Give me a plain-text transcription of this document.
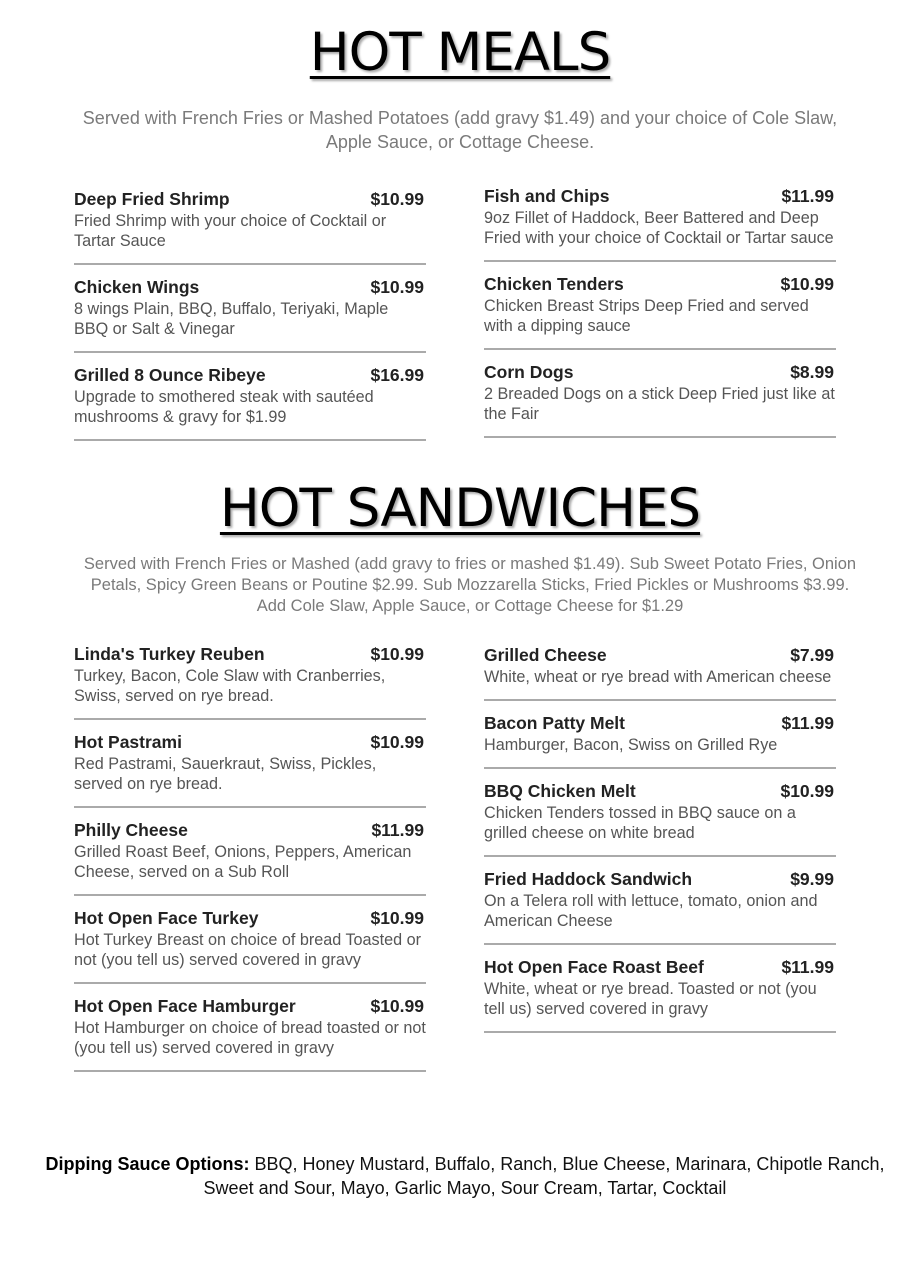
HOT MEALS

Served with French Fries or Mashed Potatoes (add gravy $1.49) and your choice of Cole Slaw, Apple Sauce, or Cottage Cheese.

Deep Fried Shrimp	$10.99
Fried Shrimp with your choice of Cocktail or Tartar Sauce
Chicken Wings	$10.99
8 wings Plain, BBQ, Buffalo, Teriyaki, Maple BBQ or Salt & Vinegar
Grilled 8 Ounce Ribeye	$16.99
Upgrade to smothered steak with sautéed mushrooms & gravy for $1.99
Fish and Chips	$11.99
9oz Fillet of Haddock, Beer Battered and Deep Fried with your choice of Cocktail or Tartar sauce
Chicken Tenders	$10.99
Chicken Breast Strips Deep Fried and served with a dipping sauce
Corn Dogs	$8.99
2 Breaded Dogs on a stick Deep Fried just like at the Fair
HOT SANDWICHES

Served with French Fries or Mashed (add gravy to fries or mashed $1.49). Sub Sweet Potato Fries, Onion Petals, Spicy Green Beans or Poutine $2.99. Sub Mozzarella Sticks, Fried Pickles or Mushrooms $3.99. Add Cole Slaw, Apple Sauce, or Cottage Cheese for $1.29

Linda's Turkey Reuben	$10.99
Turkey, Bacon, Cole Slaw with Cranberries, Swiss, served on rye bread.
Hot Pastrami	$10.99
Red Pastrami, Sauerkraut, Swiss, Pickles, served on rye bread.
Philly Cheese	$11.99
Grilled Roast Beef, Onions, Peppers, American Cheese, served on a Sub Roll
Hot Open Face Turkey	$10.99
Hot Turkey Breast on choice of bread Toasted or not (you tell us) served covered in gravy
Hot Open Face Hamburger	$10.99
Hot Hamburger on choice of bread toasted or not (you tell us) served covered in gravy
Grilled Cheese	$7.99
White, wheat or rye bread with American cheese
Bacon Patty Melt	$11.99
Hamburger, Bacon, Swiss on Grilled Rye
BBQ Chicken Melt	$10.99
Chicken Tenders tossed in BBQ sauce on a grilled cheese on white bread
Fried Haddock Sandwich	$9.99
On a Telera roll with lettuce, tomato, onion and American Cheese
Hot Open Face Roast Beef	$11.99
White, wheat or rye bread. Toasted or not (you tell us) served covered in gravy

Dipping Sauce Options: BBQ, Honey Mustard, Buffalo, Ranch, Blue Cheese, Marinara, Chipotle Ranch, Sweet and Sour, Mayo, Garlic Mayo, Sour Cream, Tartar, Cocktail
